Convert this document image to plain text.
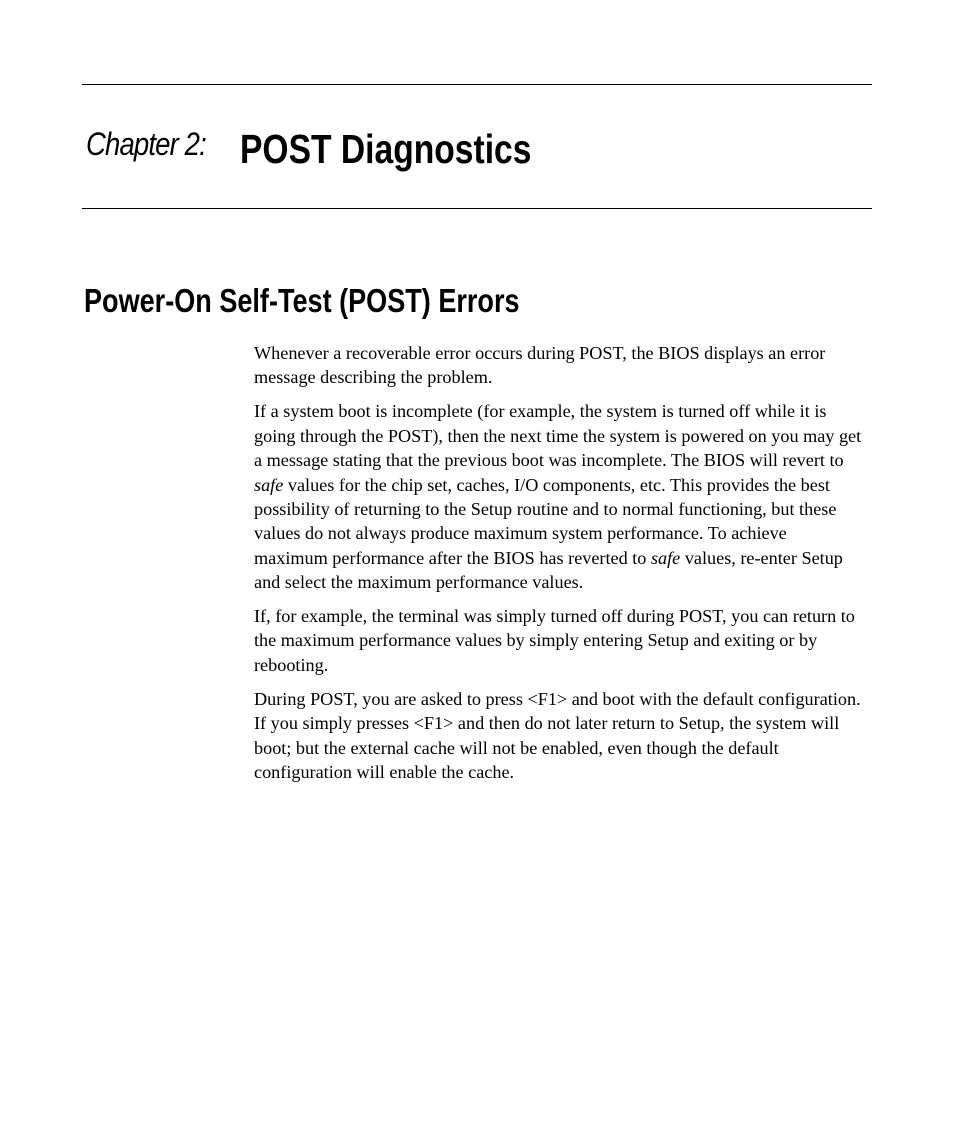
Chapter 2: POST Diagnostics
Power-On Self-Test (POST) Errors

Whenever a recoverable error occurs during POST, the BIOS displays an error message describing the problem.

If a system boot is incomplete (for example, the system is turned off while it is going through the POST), then the next time the system is powered on you may get a message stating that the previous boot was incomplete. The BIOS will revert to safe values for the chip set, caches, I/O components, etc. This provides the best possibility of returning to the Setup routine and to normal functioning, but these values do not always produce maximum system performance. To achieve maximum performance after the BIOS has reverted to safe values, re-enter Setup and select the maximum performance values.

If, for example, the terminal was simply turned off during POST, you can return to the maximum performance values by simply entering Setup and exiting or by rebooting.

During POST, you are asked to press <F1> and boot with the default configuration. If you simply presses <F1> and then do not later return to Setup, the system will boot; but the external cache will not be enabled, even though the default configuration will enable the cache.
